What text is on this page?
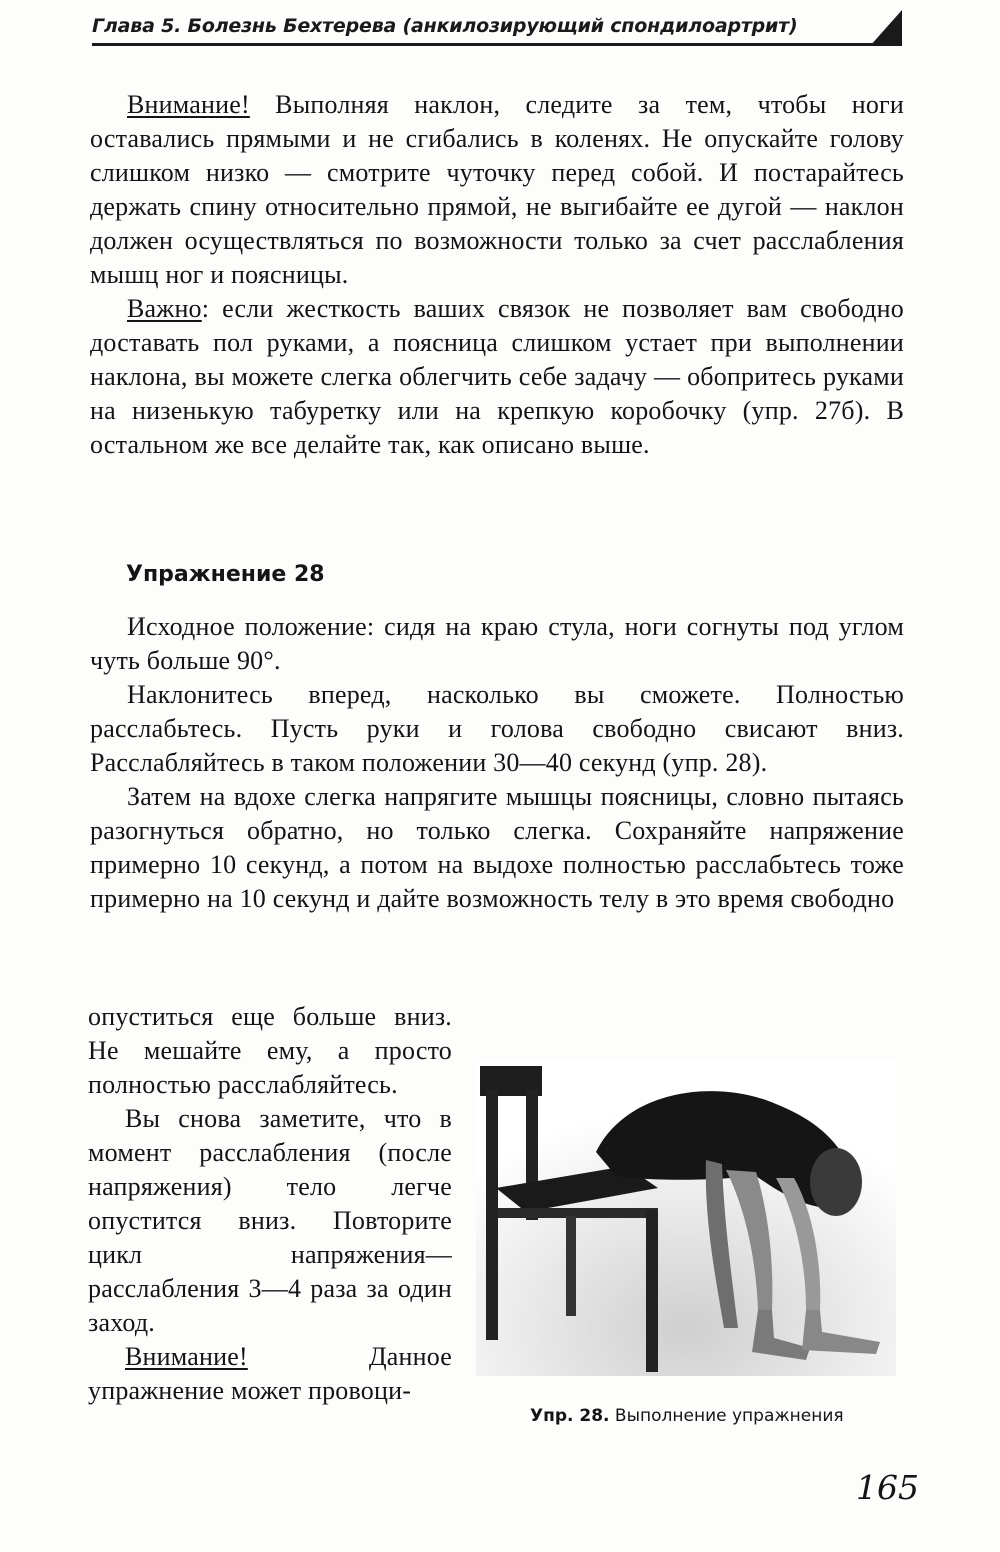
Глава 5. Болезнь Бехтерева (анкилозирующий спондилоартрит)

Внимание! Выполняя наклон, следите за тем, чтобы ноги оставались прямыми и не сгибались в коленях. Не опускайте голову слишком низко — смотрите чуточку перед собой. И постарайтесь держать спину относительно прямой, не выгибайте ее дугой — наклон должен осуществляться по возможности только за счет расслабления мышц ног и поясницы.

Важно: если жесткость ваших связок не позволяет вам свободно доставать пол руками, а поясница слишком устает при выполнении наклона, вы можете слегка облегчить себе задачу — обопритесь руками на низенькую табуретку или на крепкую коробочку (упр. 27б). В остальном же все делайте так, как описано выше.

Упражнение 28

Исходное положение: сидя на краю стула, ноги согнуты под углом чуть больше 90°.

Наклонитесь вперед, насколько вы сможете. Полностью расслабьтесь. Пусть руки и голова свободно свисают вниз. Расслабляйтесь в таком положении 30—40 секунд (упр. 28).

Затем на вдохе слегка напрягите мышцы поясницы, словно пытаясь разогнуться обратно, но только слегка. Сохраняйте напряжение примерно 10 секунд, а потом на выдохе полностью расслабьтесь тоже примерно на 10 секунд и дайте возможность телу в это время свободно

опуститься еще больше вниз. Не мешайте ему, а просто полностью расслабляйтесь.

Вы снова заметите, что в момент расслабления (после напряжения) тело легче опустится вниз. Повторите цикл напряжения—расслабления 3—4 раза за один заход.

Внимание! Данное упражнение может провоци-

Упр. 28. Выполнение упражнения
165
